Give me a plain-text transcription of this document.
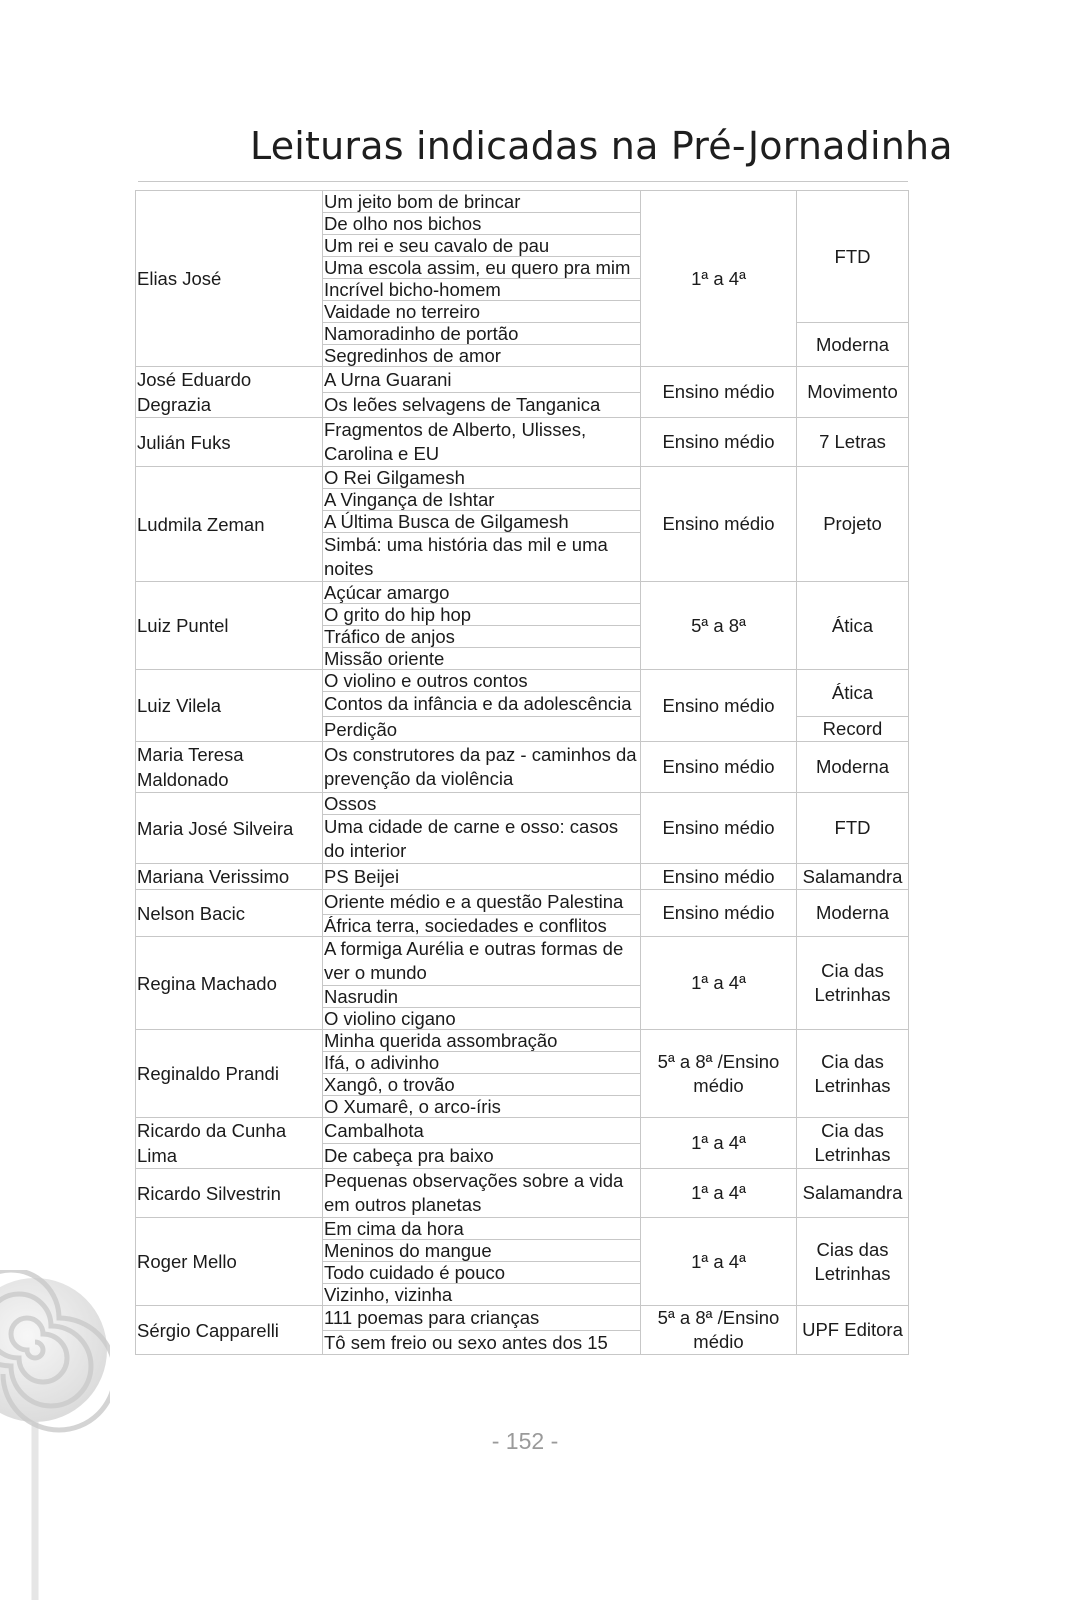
Leituras indicadas na Pré-Jornadinha
Elias José	Um jeito bom de brincar	1ª a 4ª	FTD
	De olho nos bichos		
	Um rei e seu cavalo de pau		
	Uma escola assim, eu quero pra mim		
	Incrível bicho-homem		
	Vaidade no terreiro		
	Namoradinho de portão		Moderna
	Segredinhos de amor		
José Eduardo Degrazia	A Urna Guarani	Ensino médio	Movimento
	Os leões selvagens de Tanganica		
Julián Fuks	Fragmentos de Alberto, Ulisses, Carolina e EU	Ensino médio	7 Letras
Ludmila Zeman	O Rei Gilgamesh	Ensino médio	Projeto
	A Vingança de Ishtar		
	A Última Busca de Gilgamesh		
	Simbá: uma história das mil e uma noites		
Luiz Puntel	Açúcar amargo	5ª a 8ª	Ática
	O grito do hip hop		
	Tráfico de anjos		
	Missão oriente		
Luiz Vilela	O violino e outros contos	Ensino médio	Ática
	Contos da infância e da adolescência		
	Perdição		Record
Maria Teresa Maldonado	Os construtores da paz - caminhos da prevenção da violência	Ensino médio	Moderna
Maria José Silveira	Ossos	Ensino médio	FTD
	Uma cidade de carne e osso: casos do interior		
Mariana Verissimo	PS Beijei	Ensino médio	Salamandra
Nelson Bacic	Oriente médio e a questão Palestina	Ensino médio	Moderna
	África terra, sociedades e conflitos		
Regina Machado	A formiga Aurélia e outras formas de ver o mundo	1ª a 4ª	Cia das Letrinhas
	Nasrudin		
	O violino cigano		
Reginaldo Prandi	Minha querida assombração	5ª a 8ª /Ensino médio	Cia das Letrinhas
	Ifá, o adivinho		
	Xangô, o trovão		
	O Xumarê, o arco-íris		
Ricardo da Cunha Lima	Cambalhota	1ª a 4ª	Cia das Letrinhas
	De cabeça pra baixo		
Ricardo Silvestrin	Pequenas observações sobre a vida em outros planetas	1ª a 4ª	Salamandra
Roger Mello	Em cima da hora	1ª a 4ª	Cias das Letrinhas
	Meninos do mangue		
	Todo cuidado é pouco		
	Vizinho, vizinha		
Sérgio Capparelli	111 poemas para crianças	5ª a 8ª /Ensino médio	UPF Editora
	Tô sem freio ou sexo antes dos 15		
- 152 -
